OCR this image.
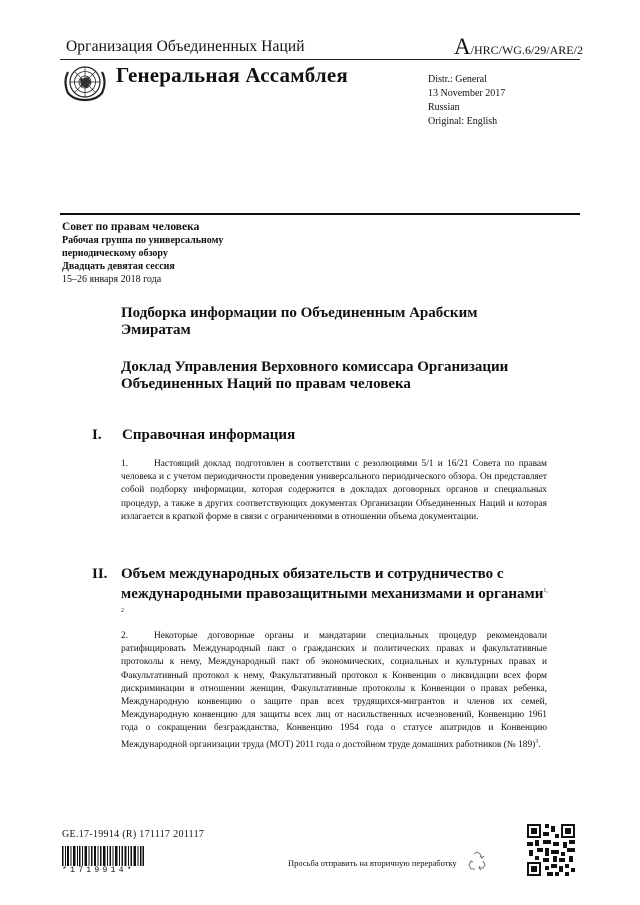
Организация Объединенных Наций	A/HRC/WG.6/29/ARE/2
Генеральная Ассамблея	Distr.: General
13 November 2017
Russian
Original: English
Совет по правам человека
Рабочая группа по универсальному
периодическому обзору
Двадцать девятая сессия
15–26 января 2018 года
Подборка информации по Объединенным Арабским Эмиратам
Доклад Управления Верховного комиссара Организации Объединенных Наций по правам человека
I. Справочная информация
1.	Настоящий доклад подготовлен в соответствии с резолюциями 5/1 и 16/21 Совета по правам человека и с учетом периодичности проведения универсального периодического обзора. Он представляет собой подборку информации, которая содержится в докладах договорных органов и специальных процедур, а также в других соответствующих документах Организации Объединенных Наций и которая излагается в краткой форме в связи с ограничениями в отношении объема документации.
II. Объем международных обязательств и сотрудничество с международными правозащитными механизмами и органами$^{1, 2}$
2.	Некоторые договорные органы и мандатарии специальных процедур рекомендовали ратифицировать Международный пакт о гражданских и политических правах и факультативные протоколы к нему, Международный пакт об экономических, социальных и культурных правах и Факультативный протокол к нему, Факультативный протокол к Конвенции о ликвидации всех форм дискриминации в отношении женщин, Факультативные протоколы к Конвенции о правах ребенка, Международную конвенцию о защите прав всех трудящихся-мигрантов и членов их семей, Международную конвенцию для защиты всех лиц от насильственных исчезновений, Конвенцию 1961 года о сокращении безгражданства, Конвенцию 1954 года о статусе апатридов и Конвенцию Международной организации труда (МОТ) 2011 года о достойном труде домашних работников (№ 189)$^3$.
GE.17-19914 (R) 171117 201117
*1719914*
Просьба отправить на вторичную переработку
